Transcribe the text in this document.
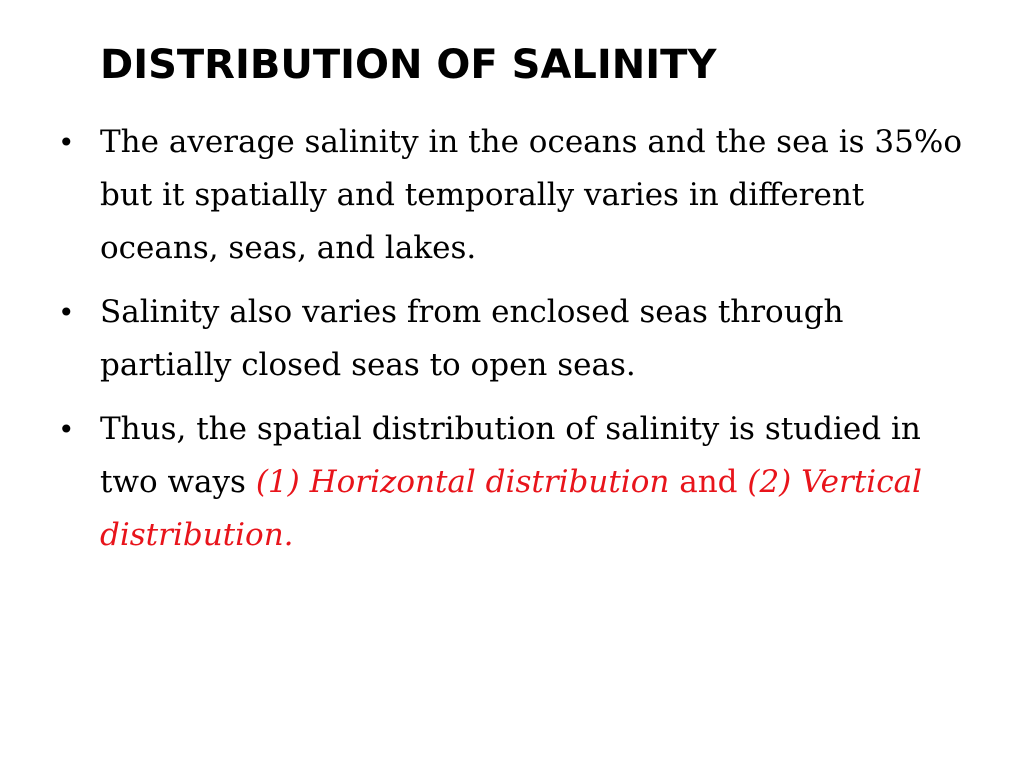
DISTRIBUTION OF SALINITY
• The average salinity in the oceans and the sea is 35%o but it spatially and temporally varies in different oceans, seas, and lakes.
• Salinity also varies from enclosed seas through partially closed seas to open seas.
• Thus, the spatial distribution of salinity is studied in two ways (1) Horizontal distribution and (2) Vertical distribution.
